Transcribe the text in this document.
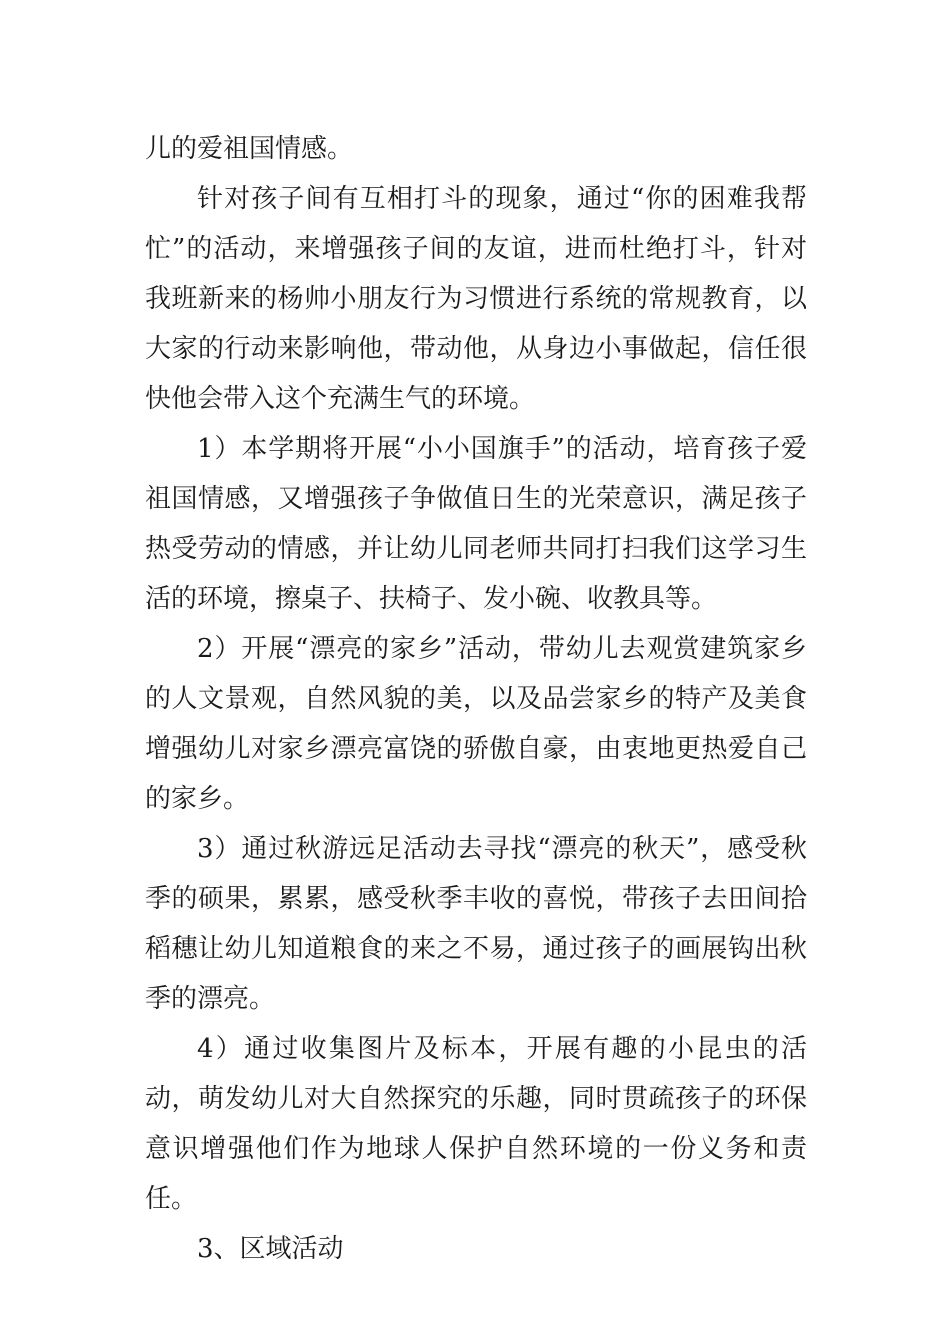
儿的爱祖国情感。

针对孩子间有互相打斗的现象，通过“你的困难我帮忙”的活动，来增强孩子间的友谊，进而杜绝打斗，针对我班新来的杨帅小朋友行为习惯进行系统的常规教育，以大家的行动来影响他，带动他，从身边小事做起，信任很快他会带入这个充满生气的环境。

1）本学期将开展“小小国旗手”的活动，培育孩子爱祖国情感，又增强孩子争做值日生的光荣意识，满足孩子热受劳动的情感，并让幼儿同老师共同打扫我们这学习生活的环境，擦桌子、扶椅子、发小碗、收教具等。

2）开展“漂亮的家乡”活动，带幼儿去观赏建筑家乡的人文景观，自然风貌的美，以及品尝家乡的特产及美食增强幼儿对家乡漂亮富饶的骄傲自豪，由衷地更热爱自己的家乡。

3）通过秋游远足活动去寻找“漂亮的秋天”，感受秋季的硕果，累累，感受秋季丰收的喜悦，带孩子去田间拾稻穗让幼儿知道粮食的来之不易，通过孩子的画展钩出秋季的漂亮。

4）通过收集图片及标本，开展有趣的小昆虫的活动，萌发幼儿对大自然探究的乐趣，同时贯疏孩子的环保意识增强他们作为地球人保护自然环境的一份义务和责任。

3、区域活动
